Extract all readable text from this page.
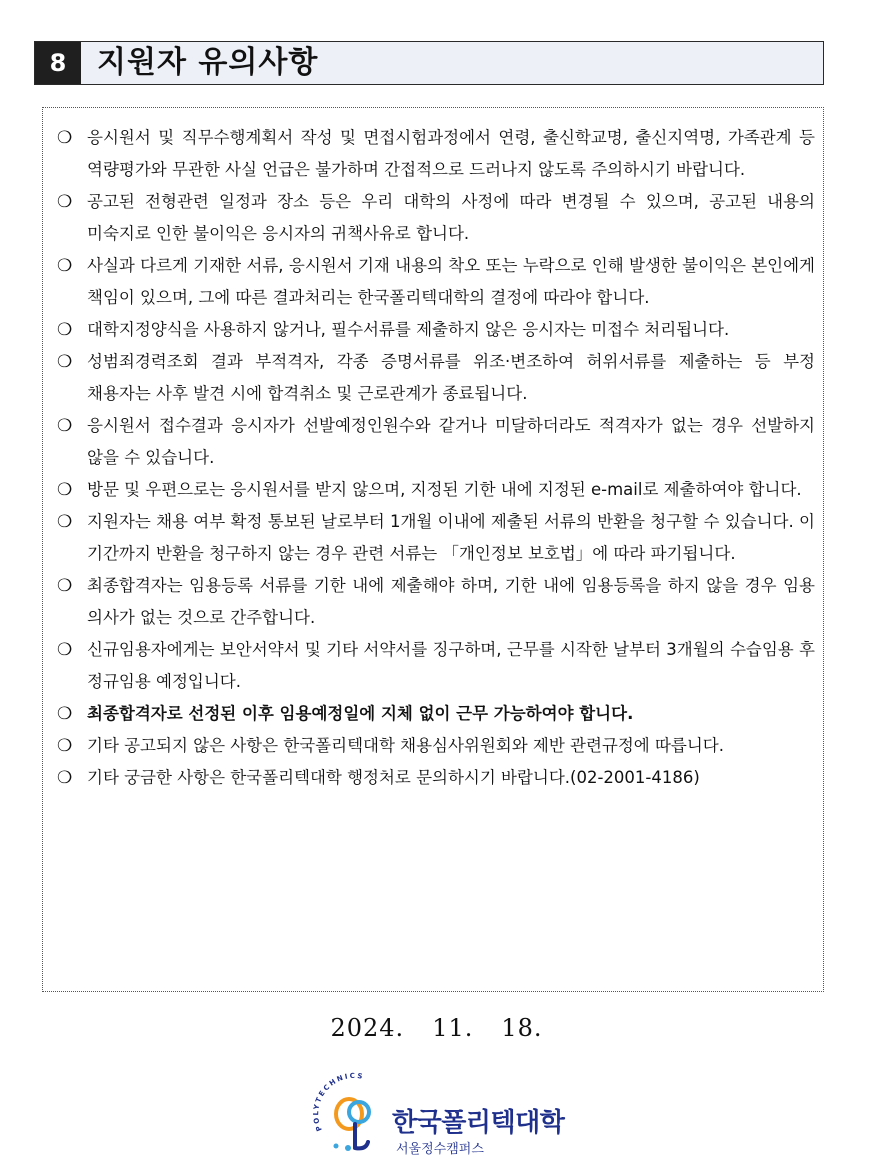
8	지원자 유의사항
❍ 응시원서 및 직무수행계획서 작성 및 면접시험과정에서 연령, 출신학교명, 출신지역명, 가족관계 등 역량평가와 무관한 사실 언급은 불가하며 간접적으로 드러나지 않도록 주의하시기 바랍니다.
❍ 공고된 전형관련 일정과 장소 등은 우리 대학의 사정에 따라 변경될 수 있으며, 공고된 내용의 미숙지로 인한 불이익은 응시자의 귀책사유로 합니다.
❍ 사실과 다르게 기재한 서류, 응시원서 기재 내용의 착오 또는 누락으로 인해 발생한 불이익은 본인에게 책임이 있으며, 그에 따른 결과처리는 한국폴리텍대학의 결정에 따라야 합니다.
❍ 대학지정양식을 사용하지 않거나, 필수서류를 제출하지 않은 응시자는 미접수 처리됩니다.
❍ 성범죄경력조회 결과 부적격자, 각종 증명서류를 위조·변조하여 허위서류를 제출하는 등 부정 채용자는 사후 발견 시에 합격취소 및 근로관계가 종료됩니다.
❍ 응시원서 접수결과 응시자가 선발예정인원수와 같거나 미달하더라도 적격자가 없는 경우 선발하지 않을 수 있습니다.
❍ 방문 및 우편으로는 응시원서를 받지 않으며, 지정된 기한 내에 지정된 e-mail로 제출하여야 합니다.
❍ 지원자는 채용 여부 확정 통보된 날로부터 1개월 이내에 제출된 서류의 반환을 청구할 수 있습니다. 이 기간까지 반환을 청구하지 않는 경우 관련 서류는 「개인정보 보호법」에 따라 파기됩니다.
❍ 최종합격자는 임용등록 서류를 기한 내에 제출해야 하며, 기한 내에 임용등록을 하지 않을 경우 임용 의사가 없는 것으로 간주합니다.
❍ 신규임용자에게는 보안서약서 및 기타 서약서를 징구하며, 근무를 시작한 날부터 3개월의 수습임용 후 정규임용 예정입니다.
❍ 최종합격자로 선정된 이후 임용예정일에 지체 없이 근무 가능하여야 합니다.
❍ 기타 공고되지 않은 사항은 한국폴리텍대학 채용심사위원회와 제반 관련규정에 따릅니다.
❍ 기타 궁금한 사항은 한국폴리텍대학 행정처로 문의하시기 바랍니다.(02-2001-4186)
2024. 11. 18.
POLYTECHNICS
한국폴리텍대학
서울정수캠퍼스
